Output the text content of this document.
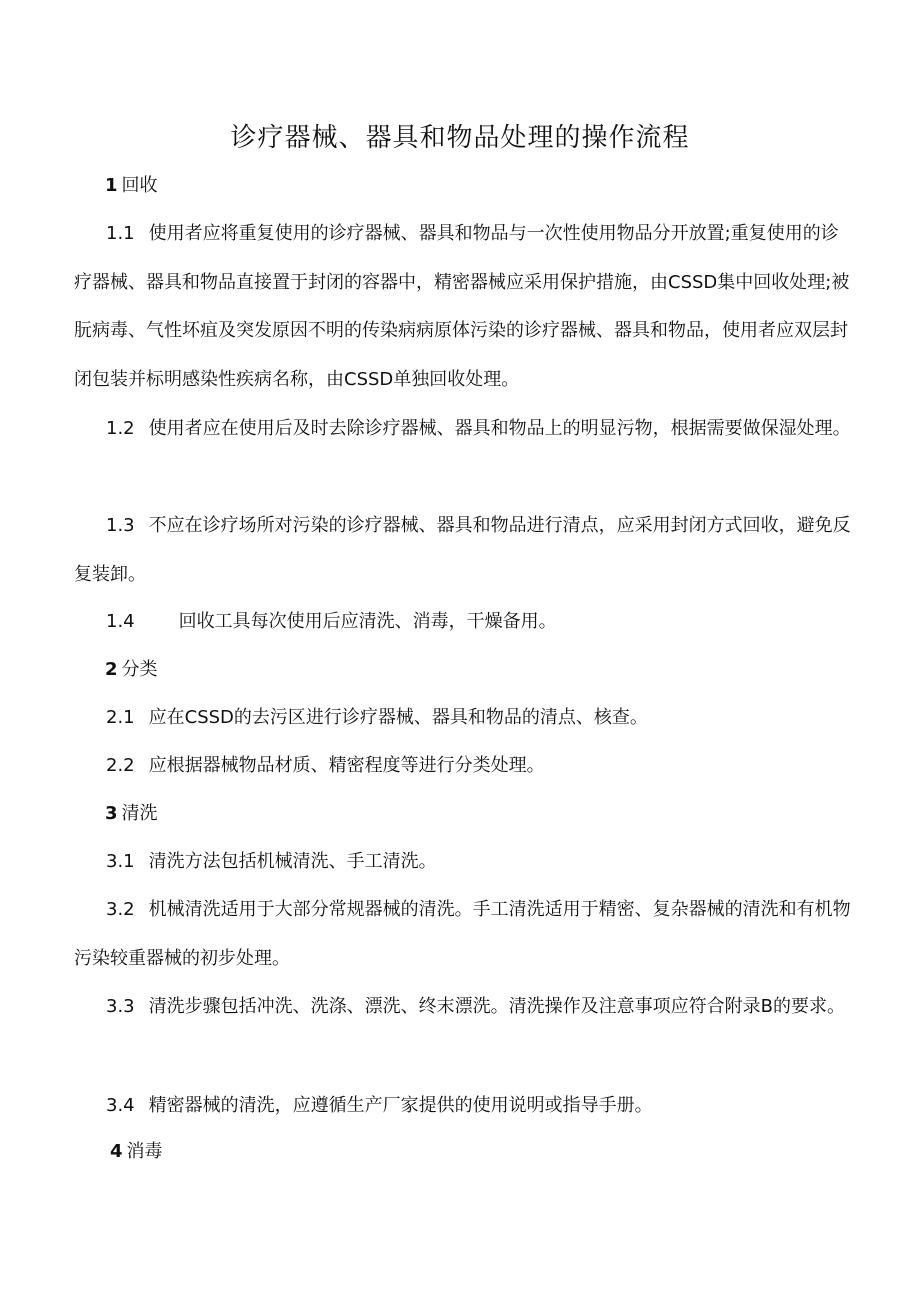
诊疗器械、器具和物品处理的操作流程

1 回收

1.1 使用者应将重复使用的诊疗器械、器具和物品与一次性使用物品分开放置;重复使用的诊疗器械、器具和物品直接置于封闭的容器中，精密器械应采用保护措施，由CSSD集中回收处理;被朊病毒、气性坏疽及突发原因不明的传染病病原体污染的诊疗器械、器具和物品，使用者应双层封闭包装并标明感染性疾病名称，由CSSD单独回收处理。

1.2 使用者应在使用后及时去除诊疗器械、器具和物品上的明显污物，根据需要做保湿处理。

1.3 不应在诊疗场所对污染的诊疗器械、器具和物品进行清点，应采用封闭方式回收，避免反复装卸。

1.4 回收工具每次使用后应清洗、消毒，干燥备用。

2 分类

2.1 应在CSSD的去污区进行诊疗器械、器具和物品的清点、核查。

2.2 应根据器械物品材质、精密程度等进行分类处理。

3 清洗

3.1 清洗方法包括机械清洗、手工清洗。

3.2 机械清洗适用于大部分常规器械的清洗。手工清洗适用于精密、复杂器械的清洗和有机物污染较重器械的初步处理。

3.3 清洗步骤包括冲洗、洗涤、漂洗、终末漂洗。清洗操作及注意事项应符合附录B的要求。

3.4 精密器械的清洗，应遵循生产厂家提供的使用说明或指导手册。

4 消毒
